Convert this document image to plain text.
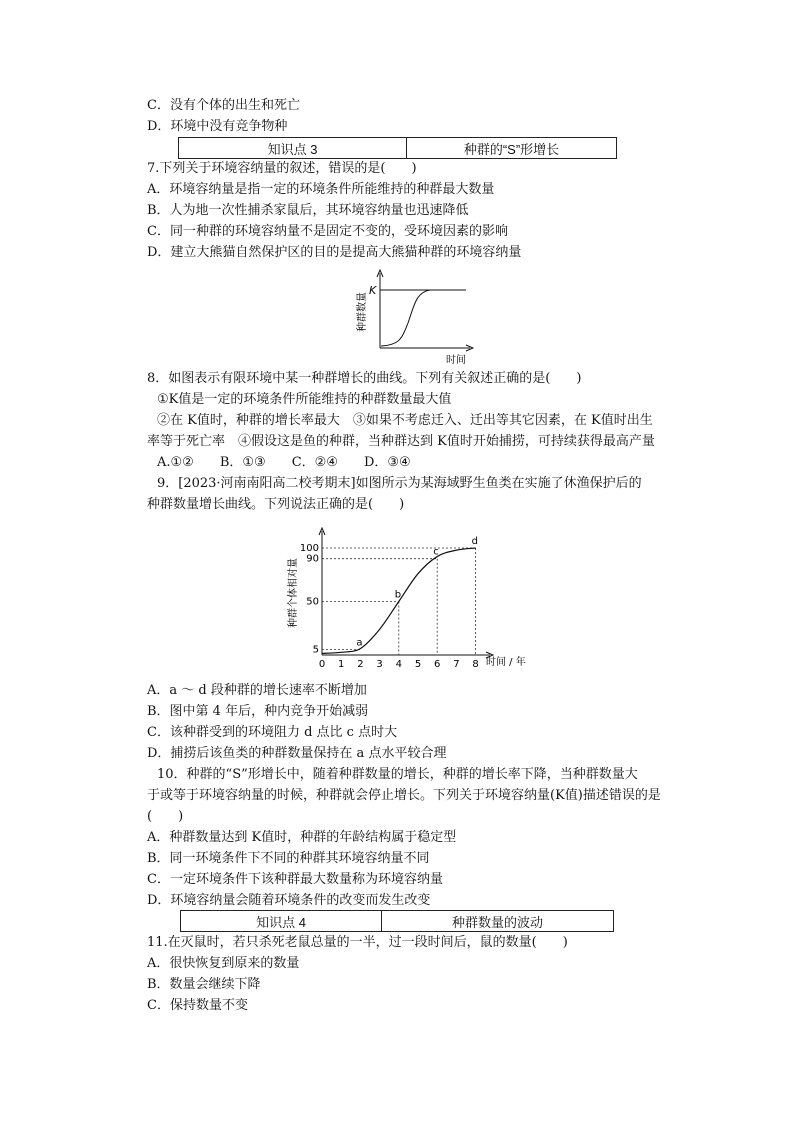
C．没有个体的出生和死亡
D．环境中没有竞争物种
知识点 3	种群的“S”形增长
7.下列关于环境容纳量的叙述，错误的是(　　)
A．环境容纳量是指一定的环境条件所能维持的种群最大数量
B．人为地一次性捕杀家鼠后，其环境容纳量也迅速降低
C．同一种群的环境容纳量不是固定不变的，受环境因素的影响
D．建立大熊猫自然保护区的目的是提高大熊猫种群的环境容纳量
K
种群数量
时间
8．如图表示有限环境中某一种群增长的曲线。下列有关叙述正确的是(　　)
①K值是一定的环境条件所能维持的种群数量最大值
②在 K值时，种群的增长率最大　③如果不考虑迁入、迁出等其它因素，在 K值时出生
率等于死亡率　④假设这是鱼的种群，当种群达到 K值时开始捕捞，可持续获得最高产量
A.①②　　B．①③　　C．②④　　D．③④
9．[2023·河南南阳高二校考期末]如图所示为某海域野生鱼类在实施了休渔保护后的
种群数量增长曲线。下列说法正确的是(　　)
a
b
c
d
0 1 2 3 4 5 6 7 8
5
50
90
100
时间 / 年
种群个体相对量
A．a ～ d 段种群的增长速率不断增加
B．图中第 4 年后，种内竞争开始减弱
C．该种群受到的环境阻力 d 点比 c 点时大
D．捕捞后该鱼类的种群数量保持在 a 点水平较合理
10．种群的“S”形增长中，随着种群数量的增长，种群的增长率下降，当种群数量大
于或等于环境容纳量的时候，种群就会停止增长。下列关于环境容纳量(K值)描述错误的是
(　　)
A．种群数量达到 K值时，种群的年龄结构属于稳定型
B．同一环境条件下不同的种群其环境容纳量不同
C．一定环境条件下该种群最大数量称为环境容纳量
D．环境容纳量会随着环境条件的改变而发生改变
知识点 4	种群数量的波动
11.在灭鼠时，若只杀死老鼠总量的一半，过一段时间后，鼠的数量(　　)
A．很快恢复到原来的数量
B．数量会继续下降
C．保持数量不变
